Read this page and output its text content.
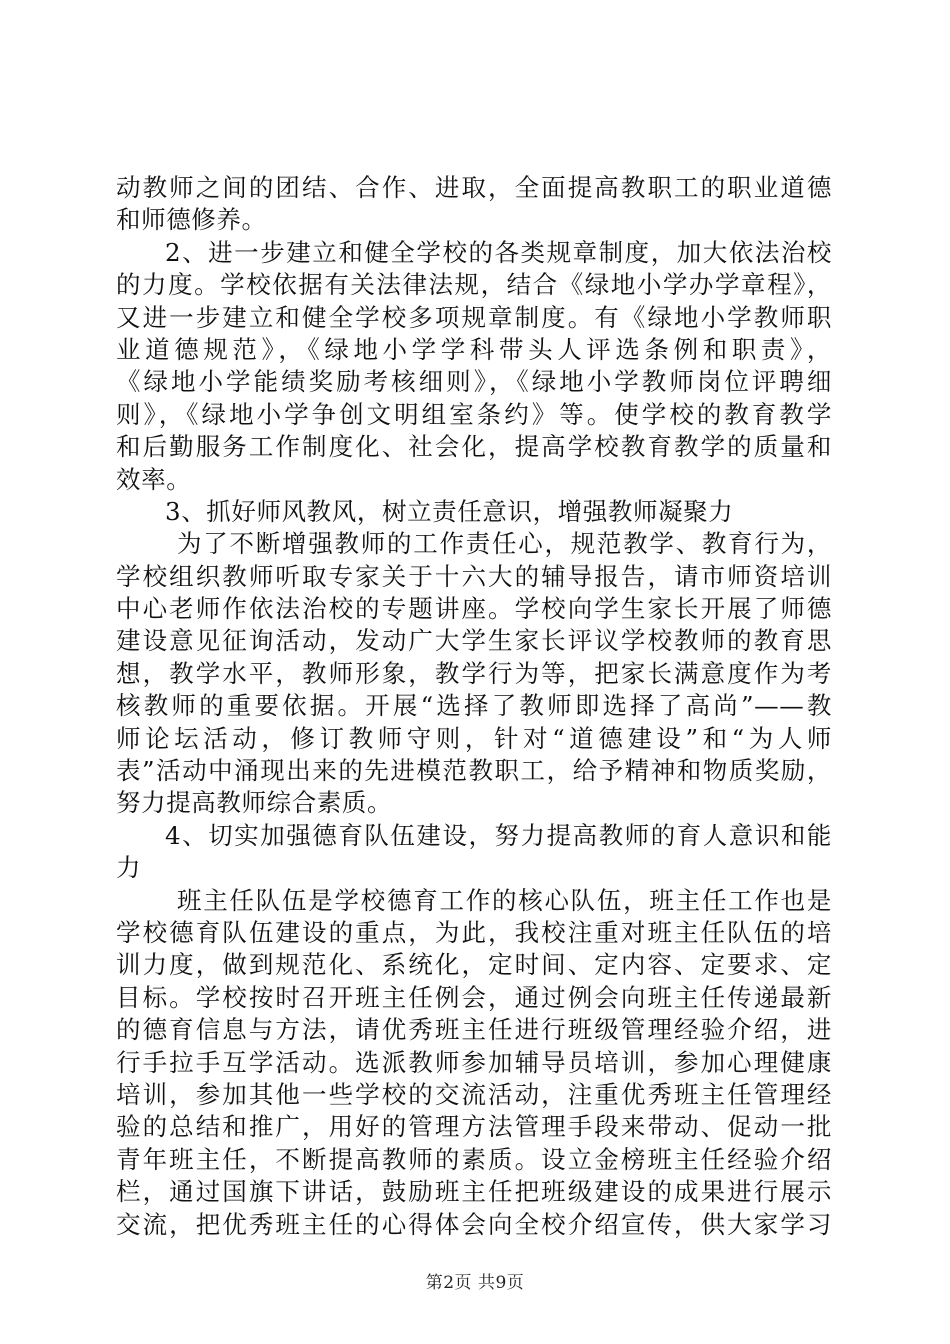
动教师之间的团结、合作、进取，全面提高教职工的职业道德
和师德修养。
2、进一步建立和健全学校的各类规章制度，加大依法治校
的力度。学校依据有关法律法规，结合《绿地小学办学章程》，
又进一步建立和健全学校多项规章制度。有《绿地小学教师职
业道德规范》，《绿地小学学科带头人评选条例和职责》，
《绿地小学能绩奖励考核细则》，《绿地小学教师岗位评聘细
则》，《绿地小学争创文明组室条约》等。使学校的教育教学
和后勤服务工作制度化、社会化，提高学校教育教学的质量和
效率。
3、抓好师风教风，树立责任意识，增强教师凝聚力
为了不断增强教师的工作责任心，规范教学、教育行为，
学校组织教师听取专家关于十六大的辅导报告，请市师资培训
中心老师作依法治校的专题讲座。学校向学生家长开展了师德
建设意见征询活动，发动广大学生家长评议学校教师的教育思
想，教学水平，教师形象，教学行为等，把家长满意度作为考
核教师的重要依据。开展“选择了教师即选择了高尚”——教
师论坛活动，修订教师守则，针对“道德建设”和“为人师
表”活动中涌现出来的先进模范教职工，给予精神和物质奖励，
努力提高教师综合素质。
4、切实加强德育队伍建设，努力提高教师的育人意识和能
力
班主任队伍是学校德育工作的核心队伍，班主任工作也是
学校德育队伍建设的重点，为此，我校注重对班主任队伍的培
训力度，做到规范化、系统化，定时间、定内容、定要求、定
目标。学校按时召开班主任例会，通过例会向班主任传递最新
的德育信息与方法，请优秀班主任进行班级管理经验介绍，进
行手拉手互学活动。选派教师参加辅导员培训，参加心理健康
培训，参加其他一些学校的交流活动，注重优秀班主任管理经
验的总结和推广，用好的管理方法管理手段来带动、促动一批
青年班主任，不断提高教师的素质。设立金榜班主任经验介绍
栏，通过国旗下讲话，鼓励班主任把班级建设的成果进行展示
交流，把优秀班主任的心得体会向全校介绍宣传，供大家学习
第2页 共9页
